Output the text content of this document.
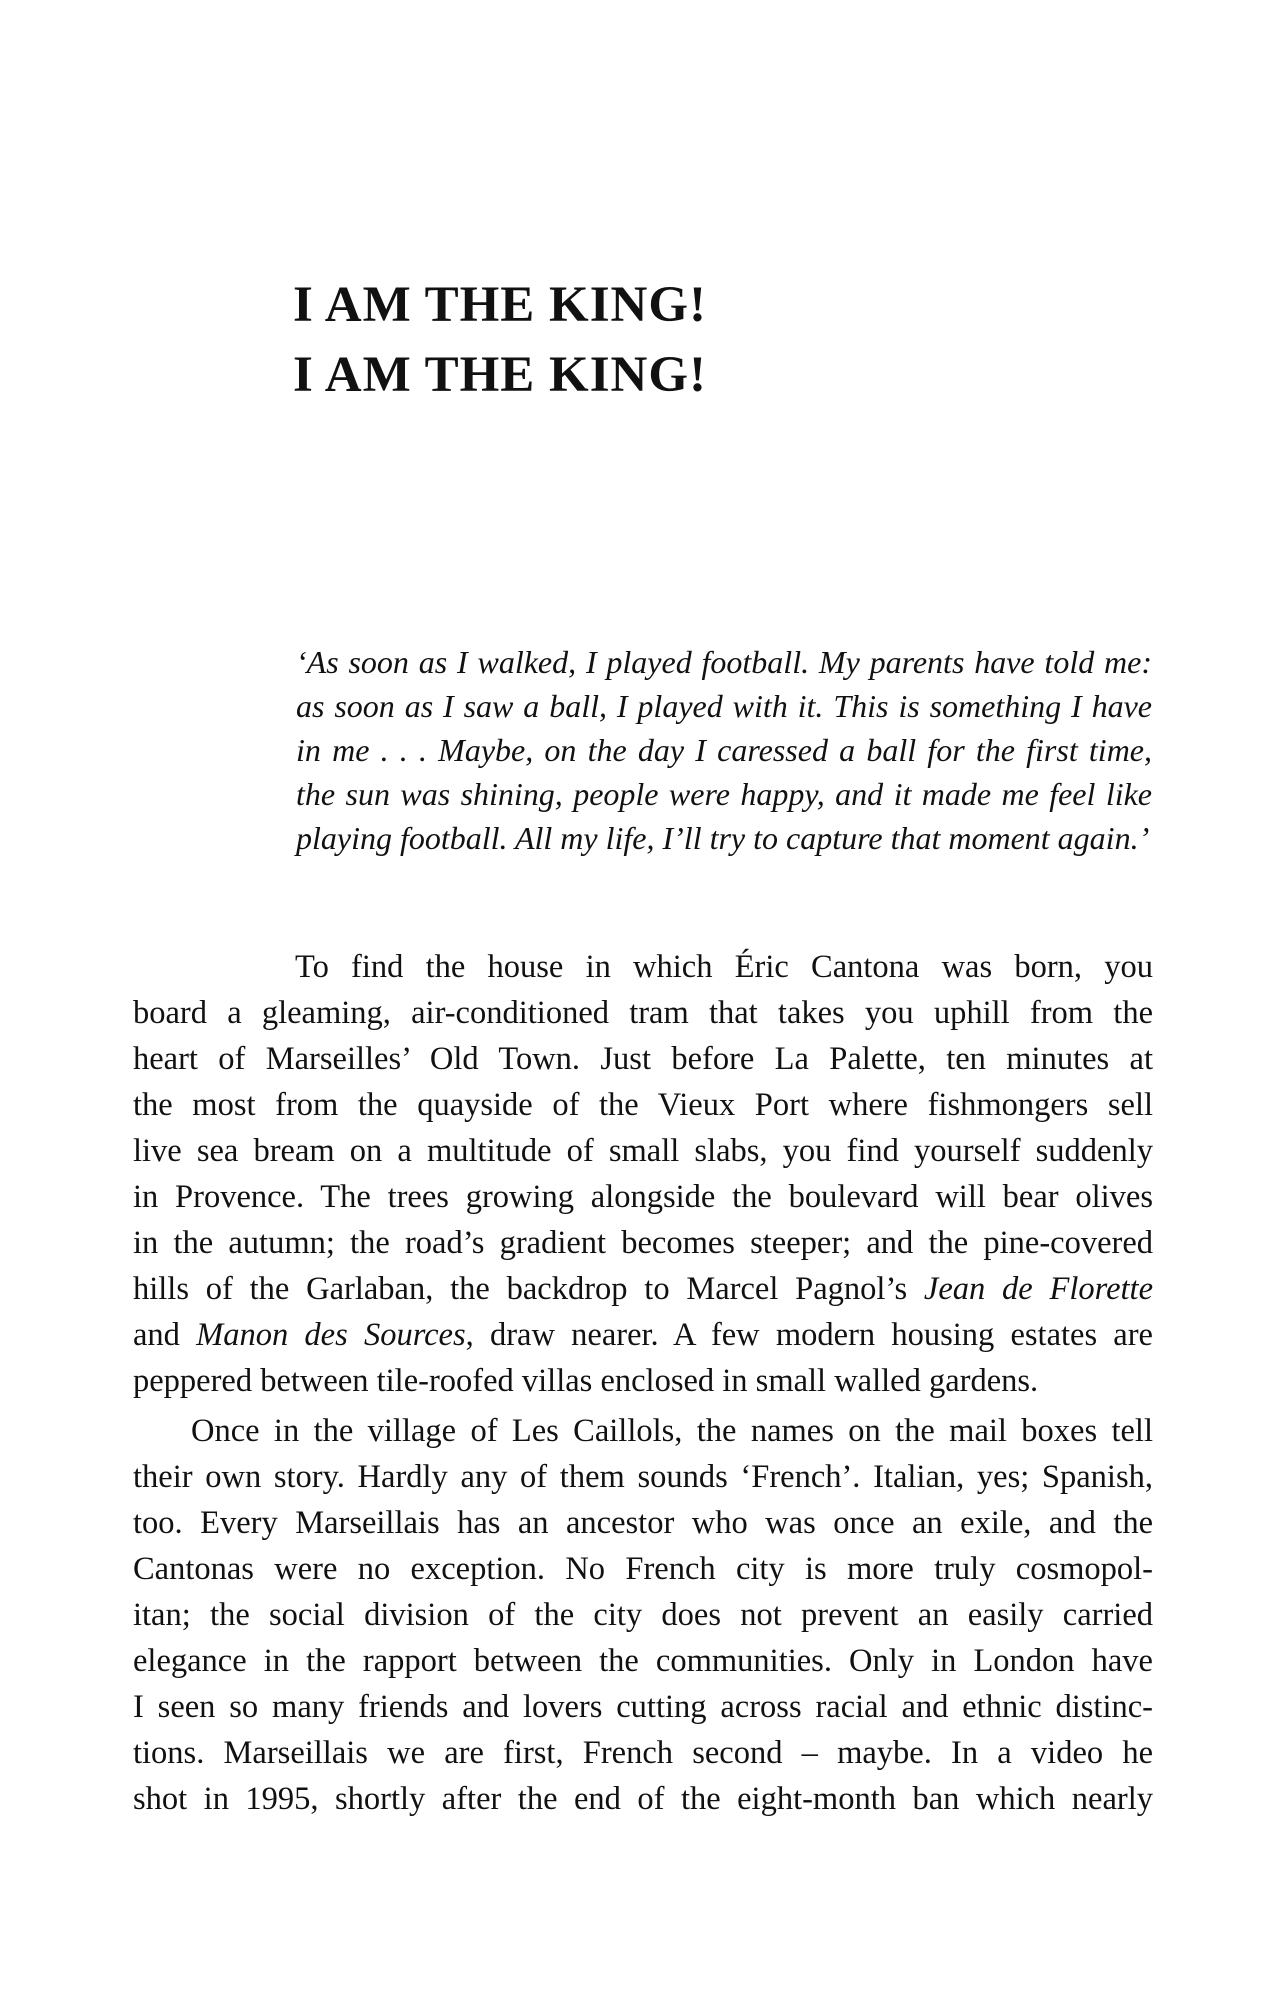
I AM THE KING!
I AM THE KING!

‘As soon as I walked, I played football. My parents have told me:
as soon as I saw a ball, I played with it. This is something I have
in me . . . Maybe, on the day I caressed a ball for the first time,
the sun was shining, people were happy, and it made me feel like
playing football. All my life, I’ll try to capture that moment again.’

To find the house in which Éric Cantona was born, you
board a gleaming, air-conditioned tram that takes you uphill from the
heart of Marseilles’ Old Town. Just before La Palette, ten minutes at
the most from the quayside of the Vieux Port where fishmongers sell
live sea bream on a multitude of small slabs, you find yourself suddenly
in Provence. The trees growing alongside the boulevard will bear olives
in the autumn; the road’s gradient becomes steeper; and the pine-covered
hills of the Garlaban, the backdrop to Marcel Pagnol’s Jean de Florette
and Manon des Sources, draw nearer. A few modern housing estates are
peppered between tile-roofed villas enclosed in small walled gardens.
Once in the village of Les Caillols, the names on the mail boxes tell
their own story. Hardly any of them sounds ‘French’. Italian, yes; Spanish,
too. Every Marseillais has an ancestor who was once an exile, and the
Cantonas were no exception. No French city is more truly cosmopol-
itan; the social division of the city does not prevent an easily carried
elegance in the rapport between the communities. Only in London have
I seen so many friends and lovers cutting across racial and ethnic distinc-
tions. Marseillais we are first, French second – maybe. In a video he
shot in 1995, shortly after the end of the eight-month ban which nearly
